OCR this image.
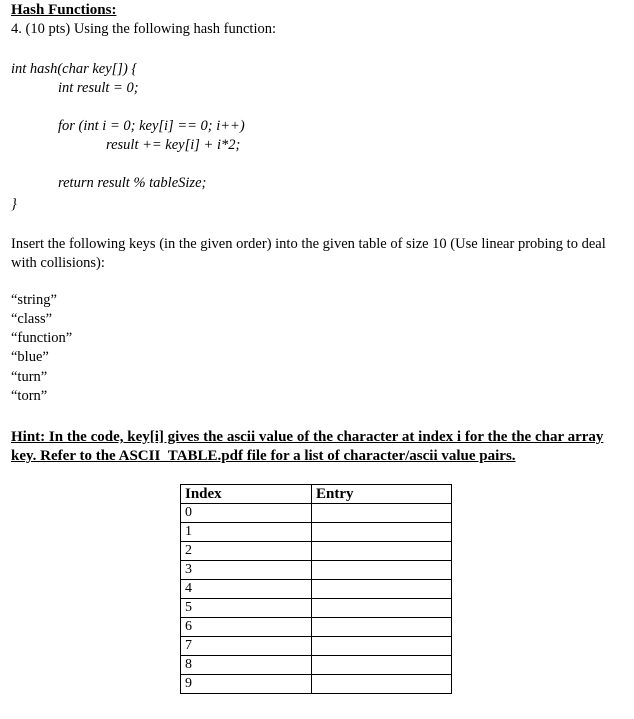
Hash Functions:
4. (10 pts) Using the following hash function:
int hash(char key[]) {
int result = 0;
for (int i = 0; key[i] == 0; i++)
result += key[i] + i*2;
return result % tableSize;
}
Insert the following keys (in the given order) into the given table of size 10 (Use linear probing to deal with collisions):
“string”
“class”
“function”
“blue”
“turn”
“torn”
Hint: In the code, key[i] gives the ascii value of the character at index i for the the char array key. Refer to the ASCII_TABLE.pdf file for a list of character/ascii value pairs.
Index	Entry
0	
1	
2	
3	
4	
5	
6	
7	
8	
9	
